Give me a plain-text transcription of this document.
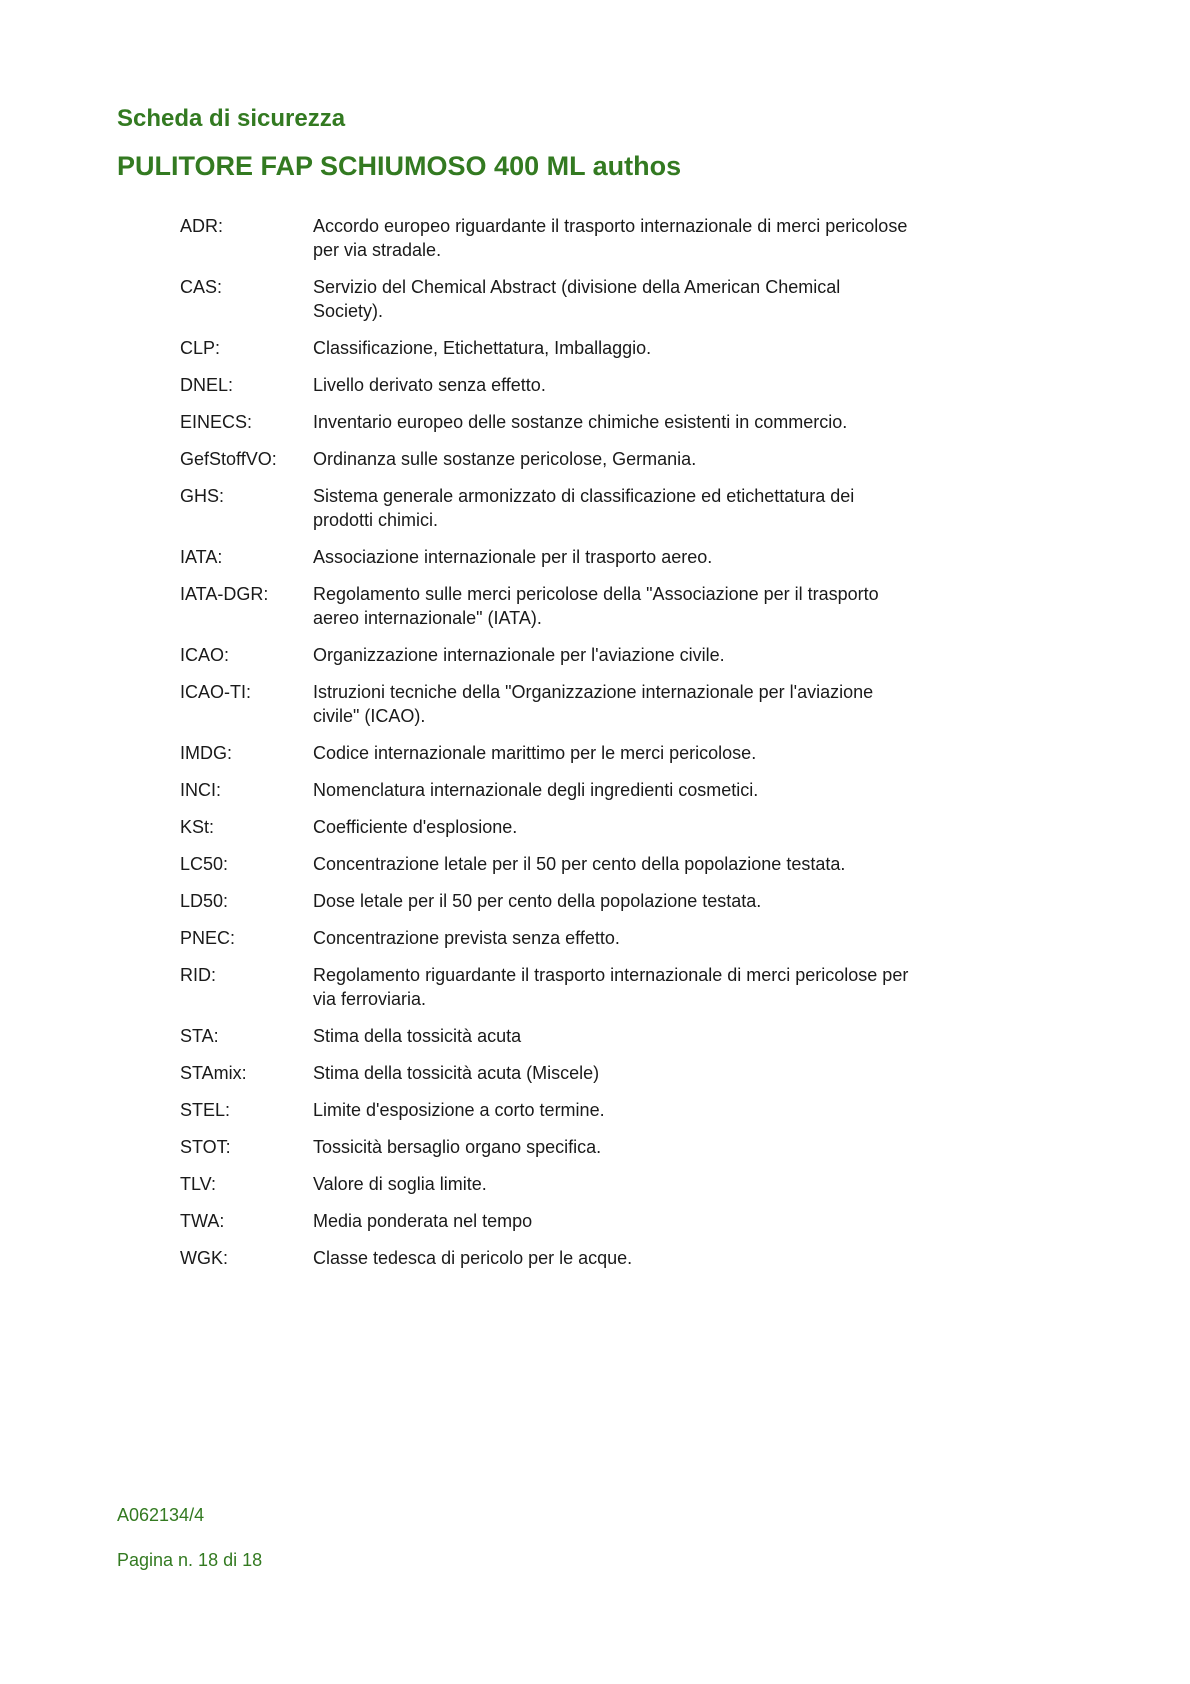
Scheda di sicurezza
PULITORE FAP SCHIUMOSO 400 ML authos
ADR:	Accordo europeo riguardante il trasporto internazionale di merci pericolose per via stradale.
CAS:	Servizio del Chemical Abstract (divisione della American Chemical Society).
CLP:	Classificazione, Etichettatura, Imballaggio.
DNEL:	Livello derivato senza effetto.
EINECS:	Inventario europeo delle sostanze chimiche esistenti in commercio.
GefStoffVO:	Ordinanza sulle sostanze pericolose, Germania.
GHS:	Sistema generale armonizzato di classificazione ed etichettatura dei prodotti chimici.
IATA:	Associazione internazionale per il trasporto aereo.
IATA-DGR:	Regolamento sulle merci pericolose della "Associazione per il trasporto aereo internazionale" (IATA).
ICAO:	Organizzazione internazionale per l'aviazione civile.
ICAO-TI:	Istruzioni tecniche della "Organizzazione internazionale per l'aviazione civile" (ICAO).
IMDG:	Codice internazionale marittimo per le merci pericolose.
INCI:	Nomenclatura internazionale degli ingredienti cosmetici.
KSt:	Coefficiente d'esplosione.
LC50:	Concentrazione letale per il 50 per cento della popolazione testata.
LD50:	Dose letale per il 50 per cento della popolazione testata.
PNEC:	Concentrazione prevista senza effetto.
RID:	Regolamento riguardante il trasporto internazionale di merci pericolose per via ferroviaria.
STA:	Stima della tossicità acuta
STAmix:	Stima della tossicità acuta (Miscele)
STEL:	Limite d'esposizione a corto termine.
STOT:	Tossicità bersaglio organo specifica.
TLV:	Valore di soglia limite.
TWA:	Media ponderata nel tempo
WGK:	Classe tedesca di pericolo per le acque.

A062134/4

Pagina n. 18 di 18
